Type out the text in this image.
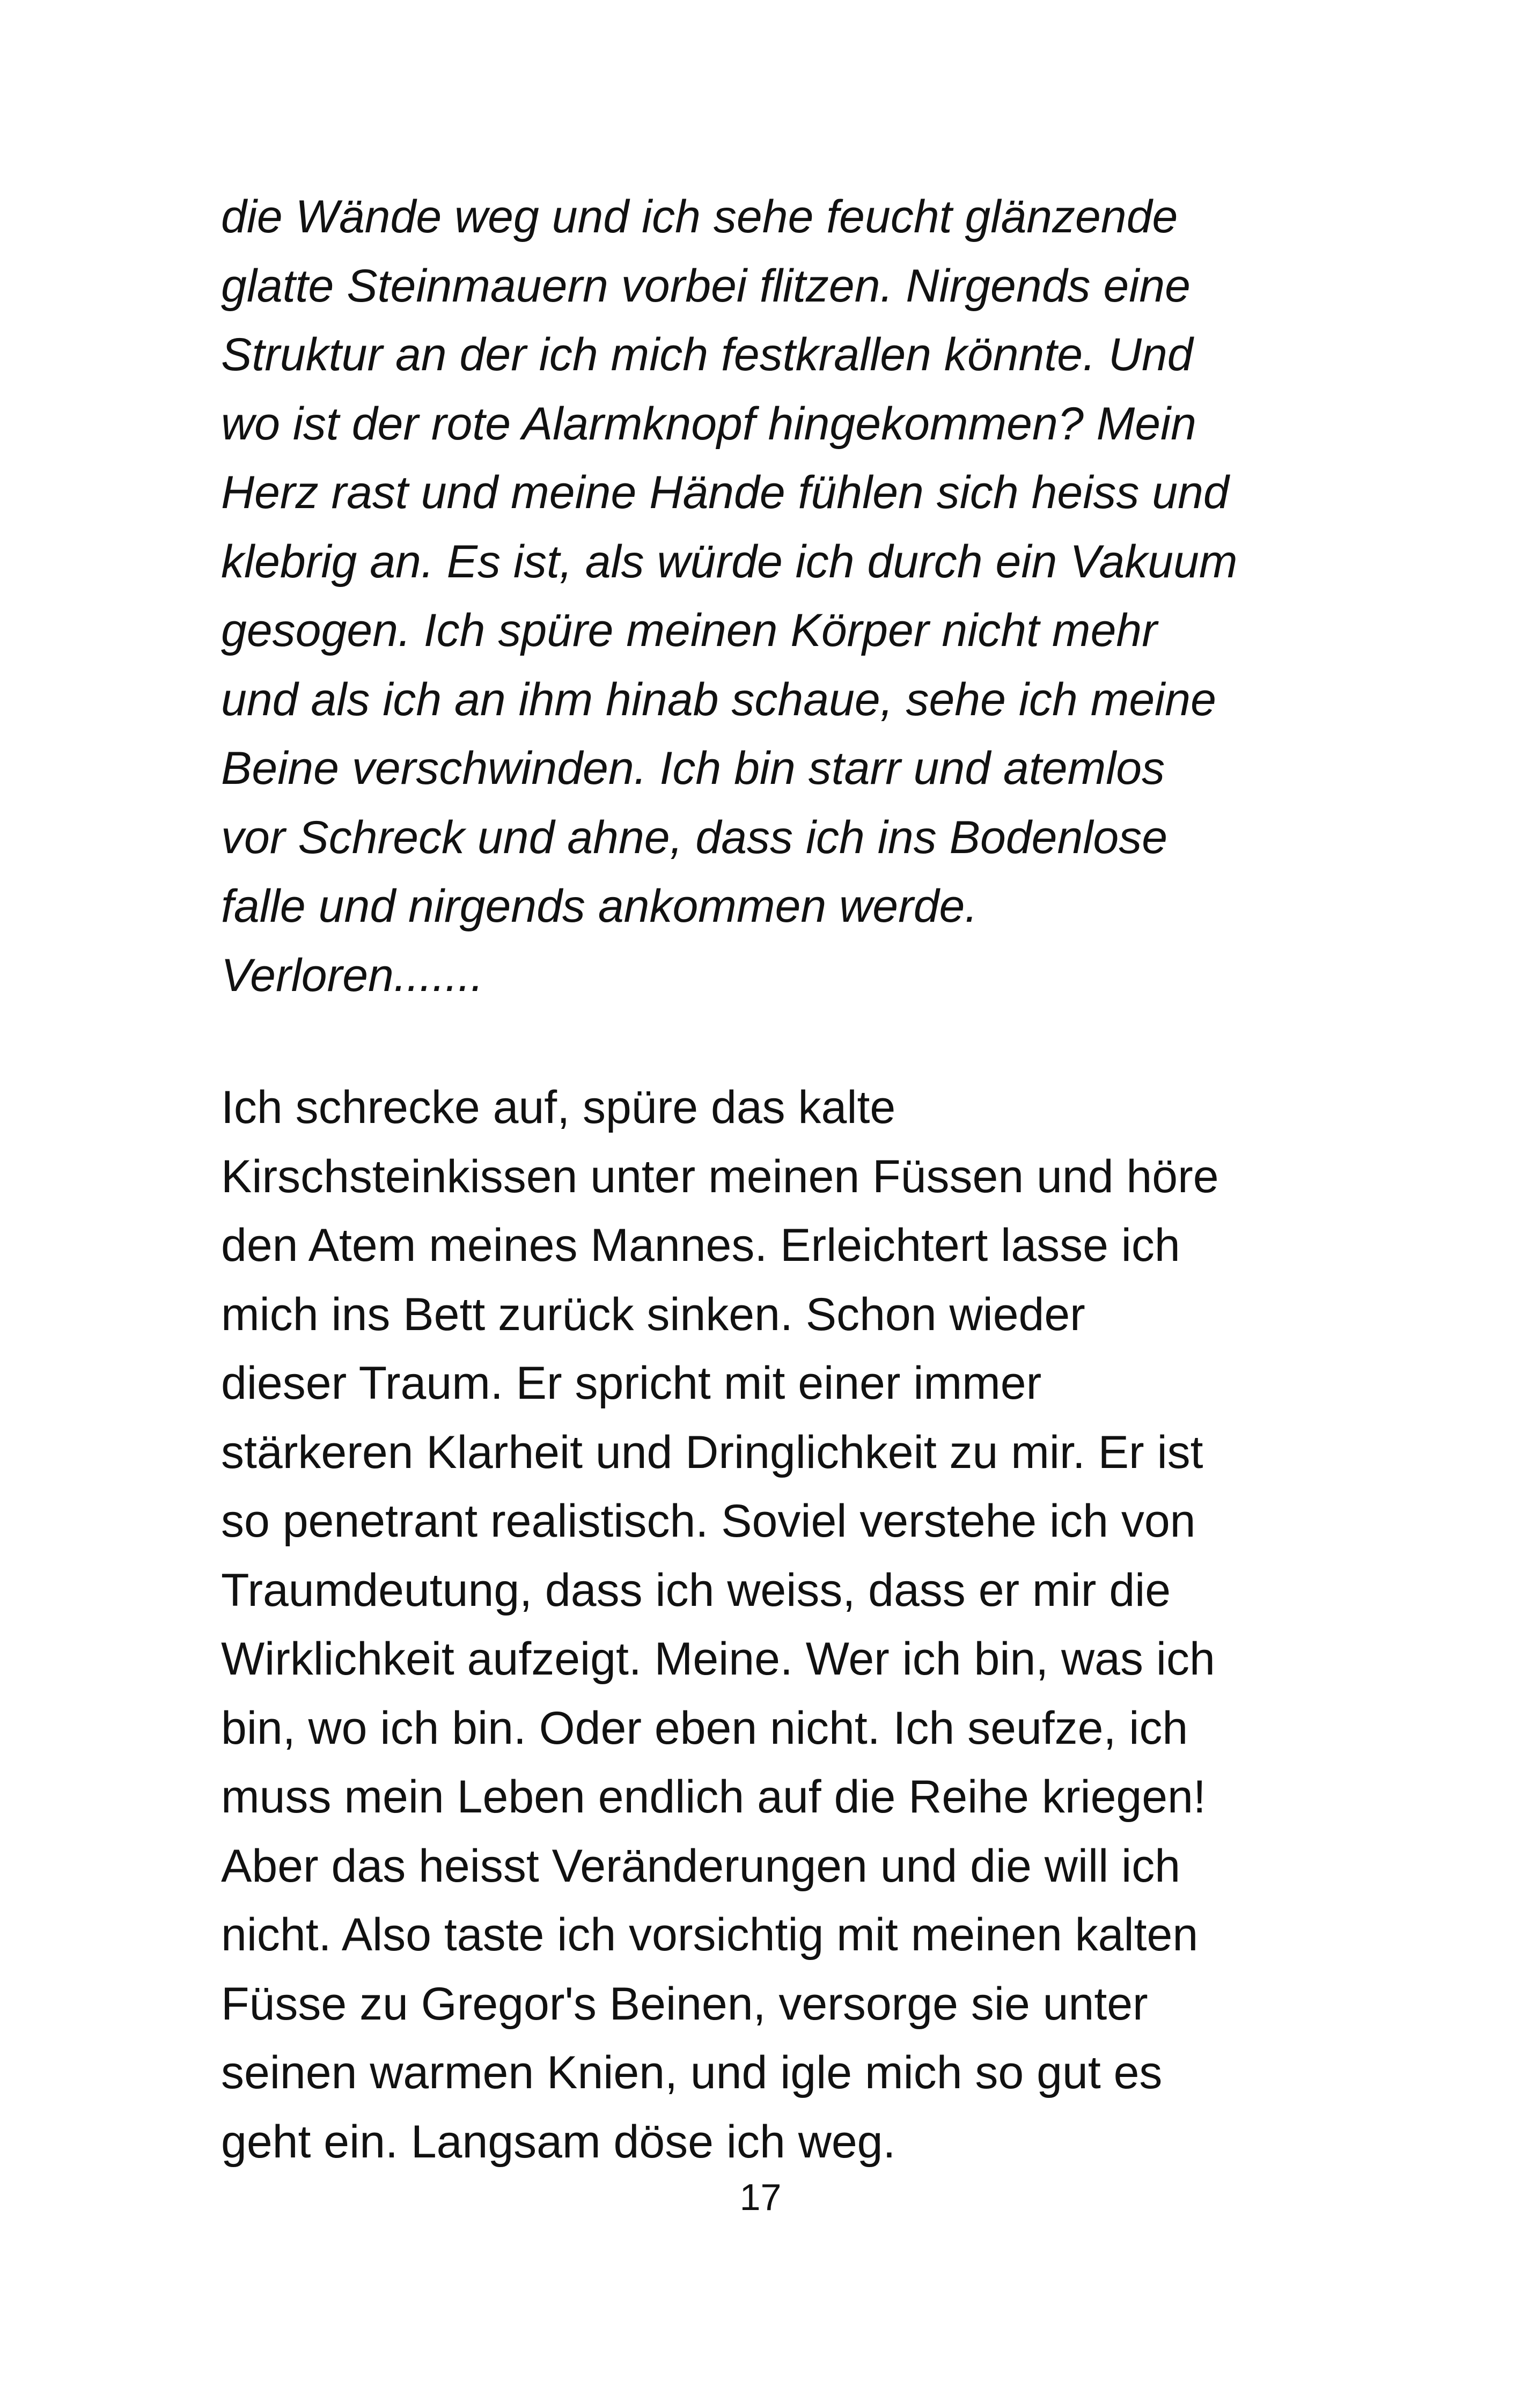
die Wände weg und ich sehe feucht glänzende
glatte Steinmauern vorbei flitzen. Nirgends eine
Struktur an der ich mich festkrallen könnte. Und
wo ist der rote Alarmknopf hingekommen? Mein
Herz rast und meine Hände fühlen sich heiss und
klebrig an. Es ist, als würde ich durch ein Vakuum
gesogen. Ich spüre meinen Körper nicht mehr
und als ich an ihm hinab schaue, sehe ich meine
Beine verschwinden. Ich bin starr und atemlos
vor Schreck und ahne, dass ich ins Bodenlose
falle und nirgends ankommen werde.
Verloren.......

Ich schrecke auf, spüre das kalte
Kirschsteinkissen unter meinen Füssen und höre
den Atem meines Mannes. Erleichtert lasse ich
mich ins Bett zurück sinken. Schon wieder
dieser Traum. Er spricht mit einer immer
stärkeren Klarheit und Dringlichkeit zu mir. Er ist
so penetrant realistisch. Soviel verstehe ich von
Traumdeutung, dass ich weiss, dass er mir die
Wirklichkeit aufzeigt. Meine. Wer ich bin, was ich
bin, wo ich bin. Oder eben nicht. Ich seufze, ich
muss mein Leben endlich auf die Reihe kriegen!
Aber das heisst Veränderungen und die will ich
nicht. Also taste ich vorsichtig mit meinen kalten
Füsse zu Gregor's Beinen, versorge sie unter
seinen warmen Knien, und igle mich so gut es
geht ein. Langsam döse ich weg.

17
